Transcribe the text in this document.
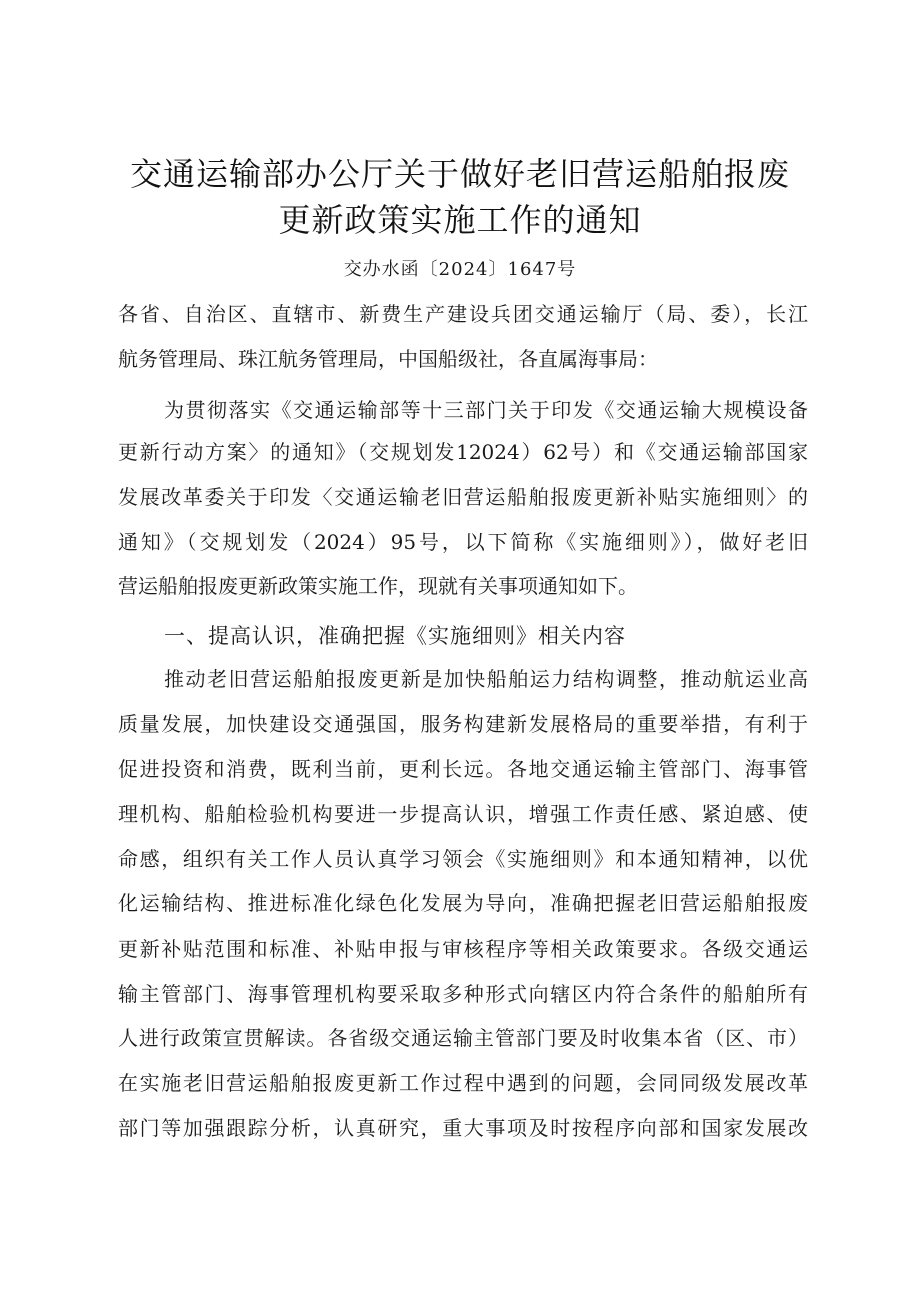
交通运输部办公厅关于做好老旧营运船舶报废
更新政策实施工作的通知
交办水函〔2024〕1647号
各省、自治区、直辖市、新费生产建设兵团交通运输厅（局、委），长江
航务管理局、珠江航务管理局，中国船级社，各直属海事局：
为贯彻落实《交通运输部等十三部门关于印发《交通运输大规模设备
更新行动方案〉的通知》（交规划发12024）62号）和《交通运输部国家
发展改革委关于印发〈交通运输老旧营运船舶报废更新补贴实施细则〉的
通知》（交规划发（2024）95号，以下简称《实施细则》），做好老旧
营运船舶报废更新政策实施工作，现就有关事项通知如下。
一、提高认识，准确把握《实施细则》相关内容
推动老旧营运船舶报废更新是加快船舶运力结构调整，推动航运业高
质量发展，加快建设交通强国，服务构建新发展格局的重要举措，有利于
促进投资和消费，既利当前，更利长远。各地交通运输主管部门、海事管
理机构、船舶检验机构要进一步提高认识，增强工作责任感、紧迫感、使
命感，组织有关工作人员认真学习领会《实施细则》和本通知精神，以优
化运输结构、推进标准化绿色化发展为导向，准确把握老旧营运船舶报废
更新补贴范围和标准、补贴申报与审核程序等相关政策要求。各级交通运
输主管部门、海事管理机构要采取多种形式向辖区内符合条件的船舶所有
人进行政策宣贯解读。各省级交通运输主管部门要及时收集本省（区、市）
在实施老旧营运船舶报废更新工作过程中遇到的问题，会同同级发展改革
部门等加强跟踪分析，认真研究，重大事项及时按程序向部和国家发展改
